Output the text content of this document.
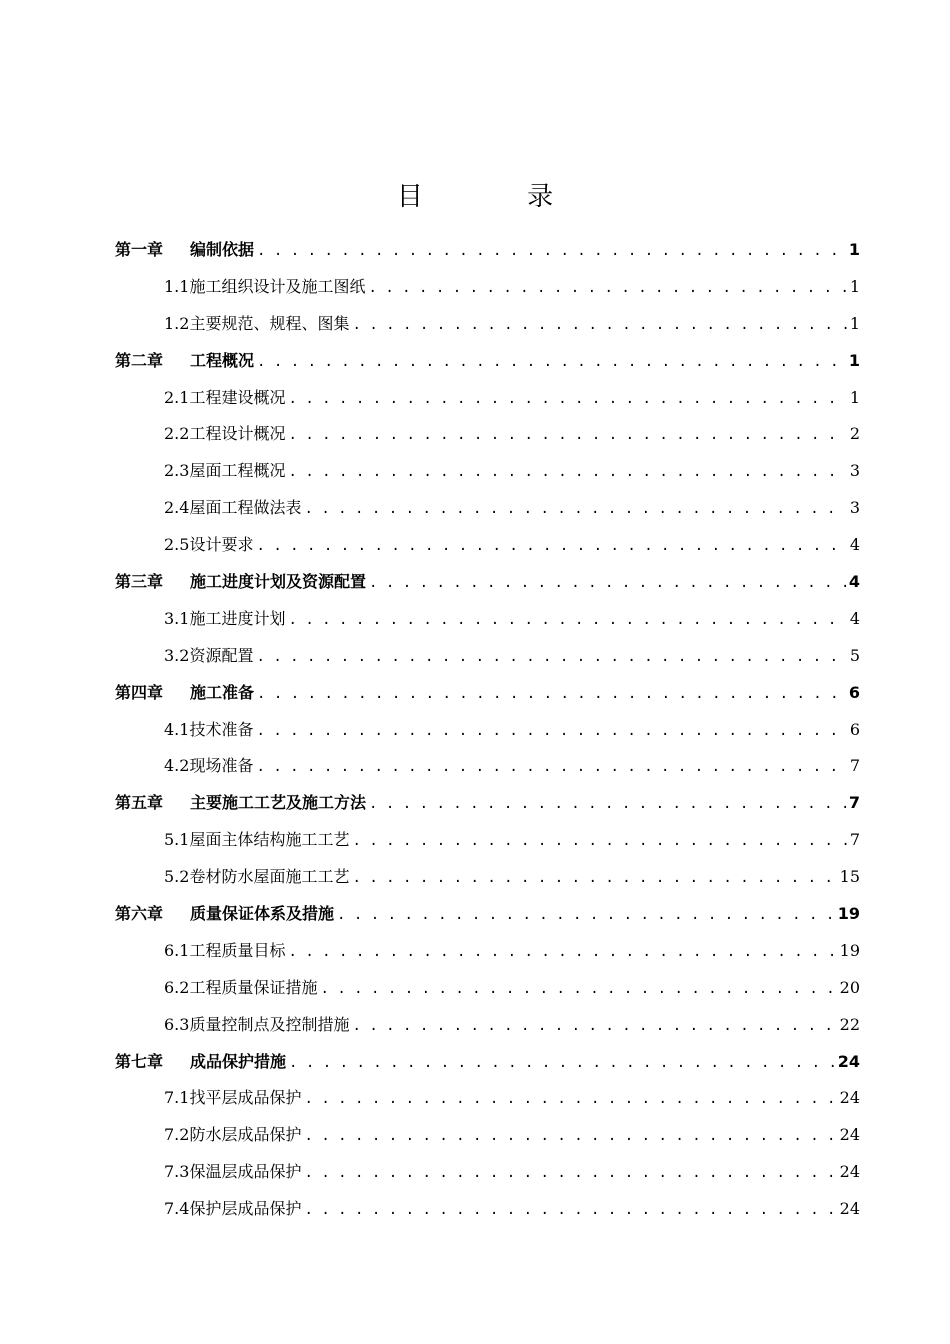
目 录
第一章	编制依据 . . .	1
1.1 施工组织设计及施工图纸 . . .	1
1.2 主要规范、规程、图集 . . .	1
第二章	工程概况 . . .	1
2.1 工程建设概况 . . .	1
2.2 工程设计概况 . . .	2
2.3 屋面工程概况 . . .	3
2.4 屋面工程做法表 . . .	3
2.5 设计要求 . . .	4
第三章	施工进度计划及资源配置 . . .	4
3.1 施工进度计划 . . .	4
3.2 资源配置 . . .	5
第四章	施工准备 . . .	6
4.1 技术准备 . . .	6
4.2 现场准备 . . .	7
第五章	主要施工工艺及施工方法 . . .	7
5.1 屋面主体结构施工工艺 . . .	7
5.2 卷材防水屋面施工工艺 . . .	15
第六章	质量保证体系及措施 . . .	19
6.1 工程质量目标 . . .	19
6.2 工程质量保证措施 . . .	20
6.3 质量控制点及控制措施 . . .	22
第七章	成品保护措施 . . .	24
7.1 找平层成品保护 . . .	24
7.2 防水层成品保护 . . .	24
7.3 保温层成品保护 . . .	24
7.4 保护层成品保护 . . .	24
